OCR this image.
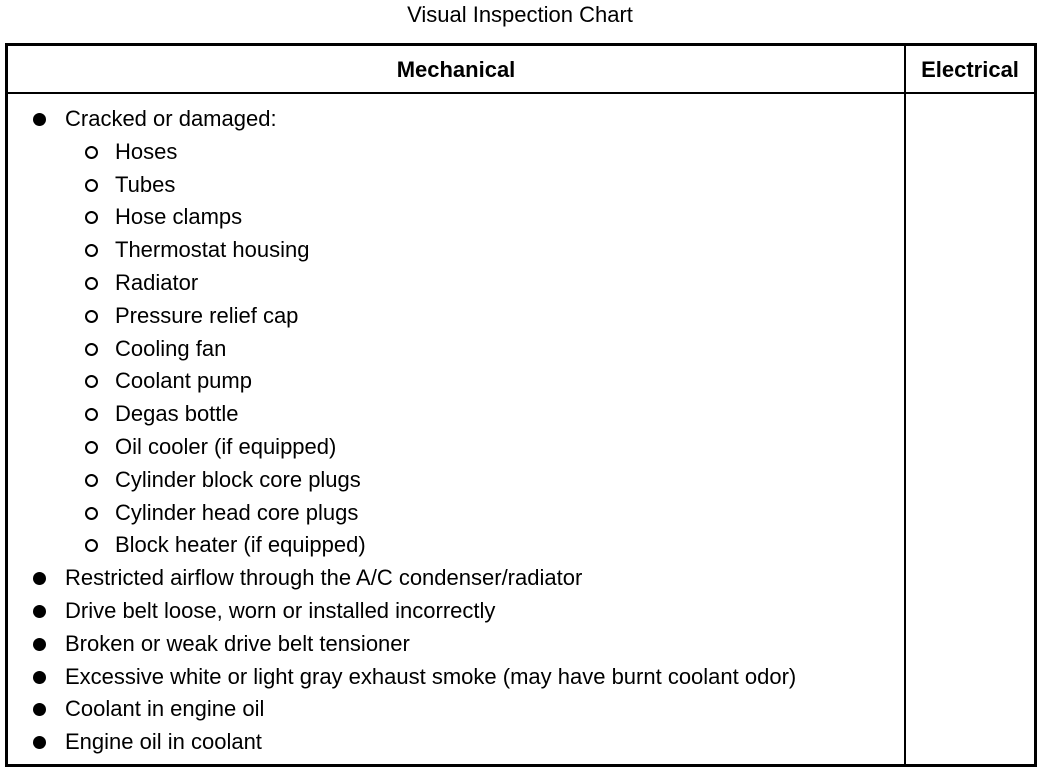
Visual Inspection Chart
Mechanical	Electrical
Cracked or damaged:
Hoses
Tubes
Hose clamps
Thermostat housing
Radiator
Pressure relief cap
Cooling fan
Coolant pump
Degas bottle
Oil cooler (if equipped)
Cylinder block core plugs
Cylinder head core plugs
Block heater (if equipped)
Restricted airflow through the A/C condenser/radiator
Drive belt loose, worn or installed incorrectly
Broken or weak drive belt tensioner
Excessive white or light gray exhaust smoke (may have burnt coolant odor)
Coolant in engine oil
Engine oil in coolant
